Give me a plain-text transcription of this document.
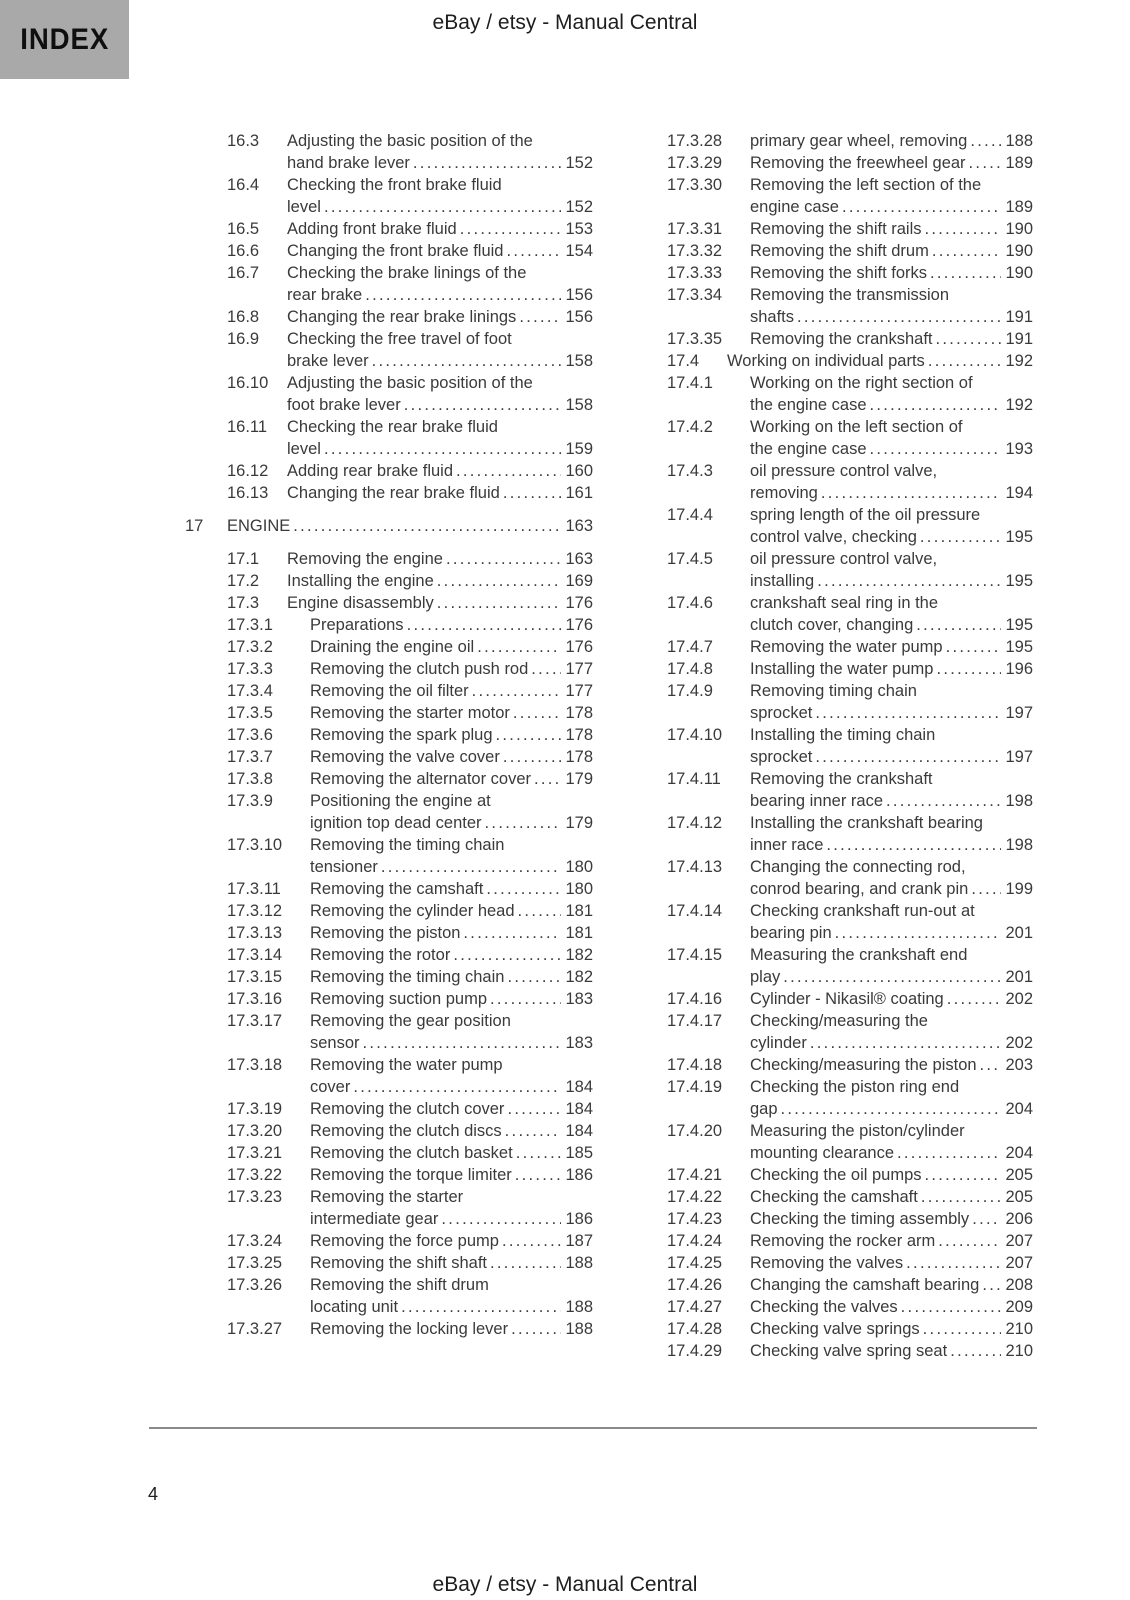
INDEX	eBay / etsy - Manual Central
16.3	Adjusting the basic position of the
hand brake lever .....	152
16.4	Checking the front brake fluid
level .....	152
16.5	Adding front brake fluid .....	153
16.6	Changing the front brake fluid .....	154
16.7	Checking the brake linings of the
rear brake .....	156
16.8	Changing the rear brake linings .....	156
16.9	Checking the free travel of foot
brake lever .....	158
16.10	Adjusting the basic position of the
foot brake lever .....	158
16.11	Checking the rear brake fluid
level .....	159
16.12	Adding rear brake fluid .....	160
16.13	Changing the rear brake fluid .....	161
17	ENGINE .....	163
17.1	Removing the engine .....	163
17.2	Installing the engine .....	169
17.3	Engine disassembly .....	176
17.3.1	Preparations .....	176
17.3.2	Draining the engine oil .....	176
17.3.3	Removing the clutch push rod ..... 177
17.3.4	Removing the oil filter .....	177
17.3.5	Removing the starter motor .....	178
17.3.6	Removing the spark plug .....	178
17.3.7	Removing the valve cover .....	178
17.3.8	Removing the alternator cover ..... 179
17.3.9	Positioning the engine at
ignition top dead center .....	179
17.3.10	Removing the timing chain
tensioner .....	180
17.3.11	Removing the camshaft .....	180
17.3.12	Removing the cylinder head .....	181
17.3.13	Removing the piston .....	181
17.3.14	Removing the rotor .....	182
17.3.15	Removing the timing chain .....	182
17.3.16	Removing suction pump .....	183
17.3.17	Removing the gear position
sensor .....	183
17.3.18	Removing the water pump
cover .....	184
17.3.19	Removing the clutch cover .....	184
17.3.20	Removing the clutch discs .....	184
17.3.21	Removing the clutch basket .....	185
17.3.22	Removing the torque limiter .....	186
17.3.23	Removing the starter
intermediate gear .....	186
17.3.24	Removing the force pump .....	187
17.3.25	Removing the shift shaft .....	188
17.3.26	Removing the shift drum
locating unit .....	188
17.3.27	Removing the locking lever .....	188
17.3.28	primary gear wheel, removing ..... 188
17.3.29	Removing the freewheel gear ..... 189
17.3.30	Removing the left section of the
engine case .....	189
17.3.31	Removing the shift rails .....	190
17.3.32	Removing the shift drum .....	190
17.3.33	Removing the shift forks .....	190
17.3.34	Removing the transmission
shafts .....	191
17.3.35	Removing the crankshaft .....	191
17.4	Working on individual parts .....	192
17.4.1	Working on the right section of
the engine case .....	192
17.4.2	Working on the left section of
the engine case .....	193
17.4.3	oil pressure control valve,
removing .....	194
17.4.4	spring length of the oil pressure
control valve, checking .....	195
17.4.5	oil pressure control valve,
installing .....	195
17.4.6	crankshaft seal ring in the
clutch cover, changing .....	195
17.4.7	Removing the water pump .....	195
17.4.8	Installing the water pump .....	196
17.4.9	Removing timing chain
sprocket .....	197
17.4.10	Installing the timing chain
sprocket .....	197
17.4.11	Removing the crankshaft
bearing inner race .....	198
17.4.12	Installing the crankshaft bearing
inner race .....	198
17.4.13	Changing the connecting rod,
conrod bearing, and crank pin ..... 199
17.4.14	Checking crankshaft run-out at
bearing pin .....	201
17.4.15	Measuring the crankshaft end
play .....	201
17.4.16	Cylinder - Nikasil® coating .....	202
17.4.17	Checking/measuring the
cylinder .....	202
17.4.18	Checking/measuring the piston ..... 203
17.4.19	Checking the piston ring end
gap .....	204
17.4.20	Measuring the piston/cylinder
mounting clearance .....	204
17.4.21	Checking the oil pumps .....	205
17.4.22	Checking the camshaft .....	205
17.4.23	Checking the timing assembly ..... 206
17.4.24	Removing the rocker arm .....	207
17.4.25	Removing the valves .....	207
17.4.26	Changing the camshaft bearing ..... 208
17.4.27	Checking the valves .....	209
17.4.28	Checking valve springs .....	210
17.4.29	Checking valve spring seat .....	210
4
eBay / etsy - Manual Central
